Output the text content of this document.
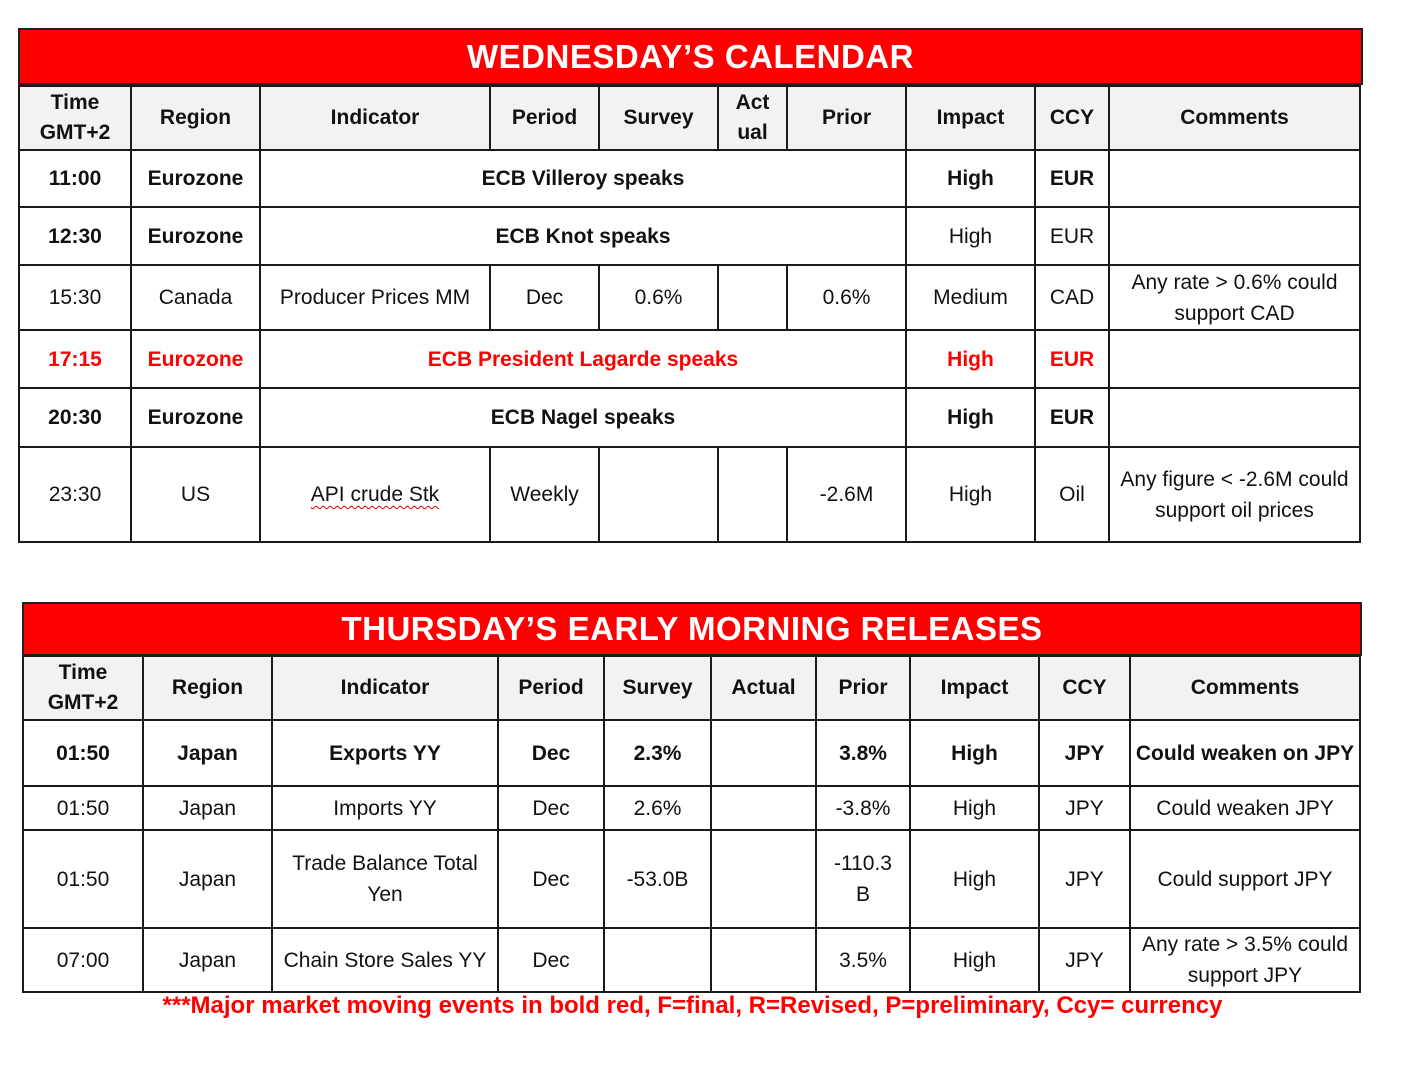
WEDNESDAY’S CALENDAR
Time
GMT+2	Region	Indicator	Period	Survey	Act
ual	Prior	Impact	CCY	Comments
11:00	Eurozone	ECB Villeroy speaks					High	EUR	
12:30	Eurozone	ECB Knot speaks					High	EUR	
15:30	Canada	Producer Prices MM	Dec	0.6%		0.6%	Medium	CAD	Any rate > 0.6% could support CAD
17:15	Eurozone	ECB President Lagarde speaks					High	EUR	
20:30	Eurozone	ECB Nagel speaks					High	EUR	
23:30	US	API crude Stk	Weekly			-2.6M	High	Oil	Any figure < -2.6M could support oil prices
THURSDAY’S EARLY MORNING RELEASES
Time
GMT+2	Region	Indicator	Period	Survey	Actual	Prior	Impact	CCY	Comments
01:50	Japan	Exports YY	Dec	2.3%		3.8%	High	JPY	Could weaken on JPY
01:50	Japan	Imports YY	Dec	2.6%		-3.8%	High	JPY	Could weaken JPY
01:50	Japan	Trade Balance Total Yen	Dec	-53.0B		-110.3B	High	JPY	Could support JPY
07:00	Japan	Chain Store Sales YY	Dec			3.5%	High	JPY	Any rate > 3.5% could support JPY
***Major market moving events in bold red, F=final, R=Revised, P=preliminary, Ccy= currency
